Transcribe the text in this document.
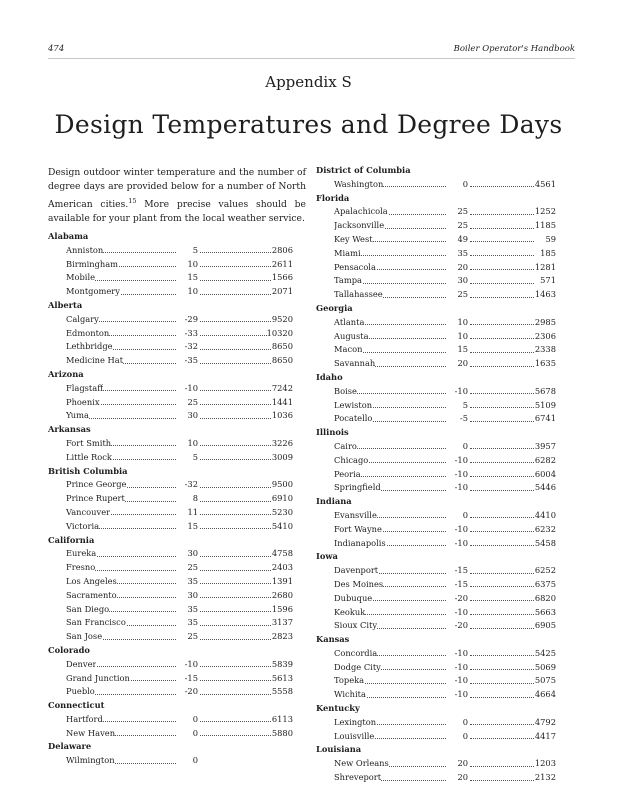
474	Boiler Operator's Handbook
Appendix S
Design Temperatures and Degree Days
Design outdoor winter temperature and the number of degree days are provided below for a number of North American cities.$^{15}$ More precise values should be available for your plant from the local weather service.
Alabama
Anniston	5	2806
Birmingham	10	2611
Mobile	15	1566
Montgomery	10	2071
Alberta
Calgary	-29	9520
Edmonton	-33	10320
Lethbridge	-32	8650
Medicine Hat	-35	8650
Arizona
Flagstaff	-10	7242
Phoenix	25	1441
Yuma	30	1036
Arkansas
Fort Smith	10	3226
Little Rock	5	3009
British Columbia
Prince George	-32	9500
Prince Rupert	8	6910
Vancouver	11	5230
Victoria	15	5410
California
Eureka	30	4758
Fresno	25	2403
Los Angeles	35	1391
Sacramento	30	2680
San Diego	35	1596
San Francisco	35	3137
San Jose	25	2823
Colorado
Denver	-10	5839
Grand Junction	-15	5613
Pueblo	-20	5558
Connecticut
Hartford	0	6113
New Haven	0	5880
Delaware
Wilmington	0
District of Columbia
Washington	0	4561
Florida
Apalachicola	25	1252
Jacksonville	25	1185
Key West	49	59
Miami	35	185
Pensacola	20	1281
Tampa	30	571
Tallahassee	25	1463
Georgia
Atlanta	10	2985
Augusta	10	2306
Macon	15	2338
Savannah	20	1635
Idaho
Boise	-10	5678
Lewiston	5	5109
Pocatello	-5	6741
Illinois
Cairo	0	3957
Chicago	-10	6282
Peoria	-10	6004
Springfield	-10	5446
Indiana
Evansville	0	4410
Fort Wayne	-10	6232
Indianapolis	-10	5458
Iowa
Davenport	-15	6252
Des Moines	-15	6375
Dubuque	-20	6820
Keokuk	-10	5663
Sioux City	-20	6905
Kansas
Concordia	-10	5425
Dodge City	-10	5069
Topeka	-10	5075
Wichita	-10	4664
Kentucky
Lexington	0	4792
Louisville	0	4417
Louisiana
New Orleans	20	1203
Shreveport	20	2132
